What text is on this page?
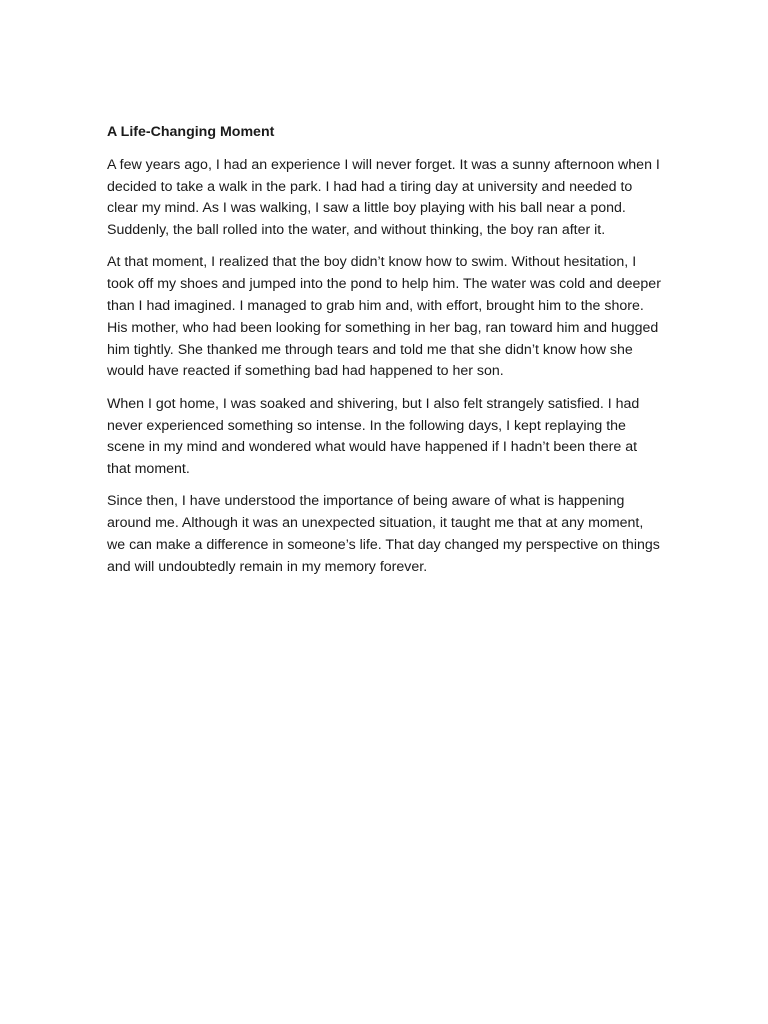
A Life-Changing Moment

A few years ago, I had an experience I will never forget. It was a sunny afternoon when I decided to take a walk in the park. I had had a tiring day at university and needed to clear my mind. As I was walking, I saw a little boy playing with his ball near a pond. Suddenly, the ball rolled into the water, and without thinking, the boy ran after it.

At that moment, I realized that the boy didn’t know how to swim. Without hesitation, I took off my shoes and jumped into the pond to help him. The water was cold and deeper than I had imagined. I managed to grab him and, with effort, brought him to the shore. His mother, who had been looking for something in her bag, ran toward him and hugged him tightly. She thanked me through tears and told me that she didn’t know how she would have reacted if something bad had happened to her son.

When I got home, I was soaked and shivering, but I also felt strangely satisfied. I had never experienced something so intense. In the following days, I kept replaying the scene in my mind and wondered what would have happened if I hadn’t been there at that moment.

Since then, I have understood the importance of being aware of what is happening around me. Although it was an unexpected situation, it taught me that at any moment, we can make a difference in someone’s life. That day changed my perspective on things and will undoubtedly remain in my memory forever.
